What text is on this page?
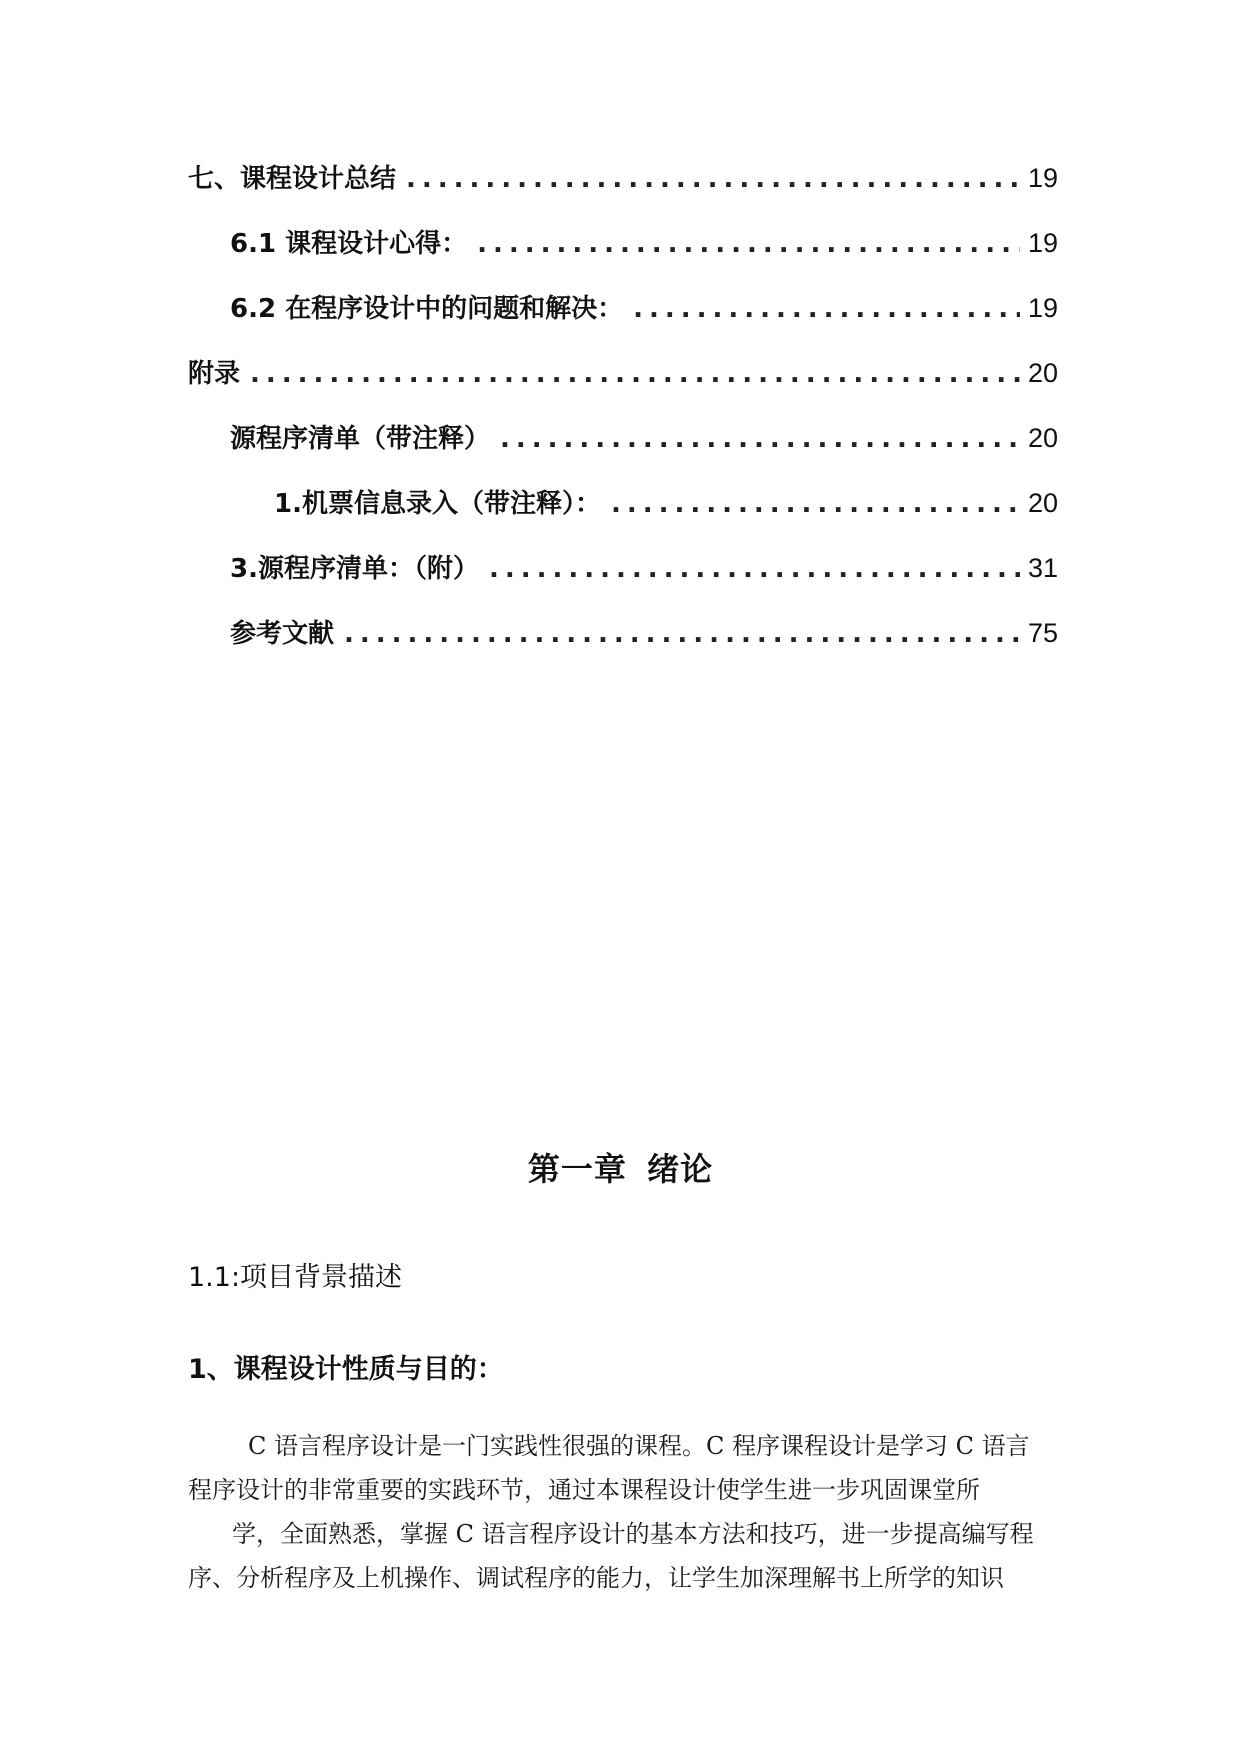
七、课程设计总结 .....	19
6.1 课程设计心得： .....	19
6.2 在程序设计中的问题和解决： .....	19
附录 .....	20
源程序清单（带注释） .....	20
1.机票信息录入（带注释）： .....	20
3.源程序清单：（附） .....	31
参考文献 .....	75
第一章 绪论
1.1:项目背景描述
1、课程设计性质与目的：
C 语言程序设计是一门实践性很强的课程。C 程序课程设计是学习 C 语言
程序设计的非常重要的实践环节，通过本课程设计使学生进一步巩固课堂所
学，全面熟悉，掌握 C 语言程序设计的基本方法和技巧，进一步提高编写程
序、分析程序及上机操作、调试程序的能力，让学生加深理解书上所学的知识
